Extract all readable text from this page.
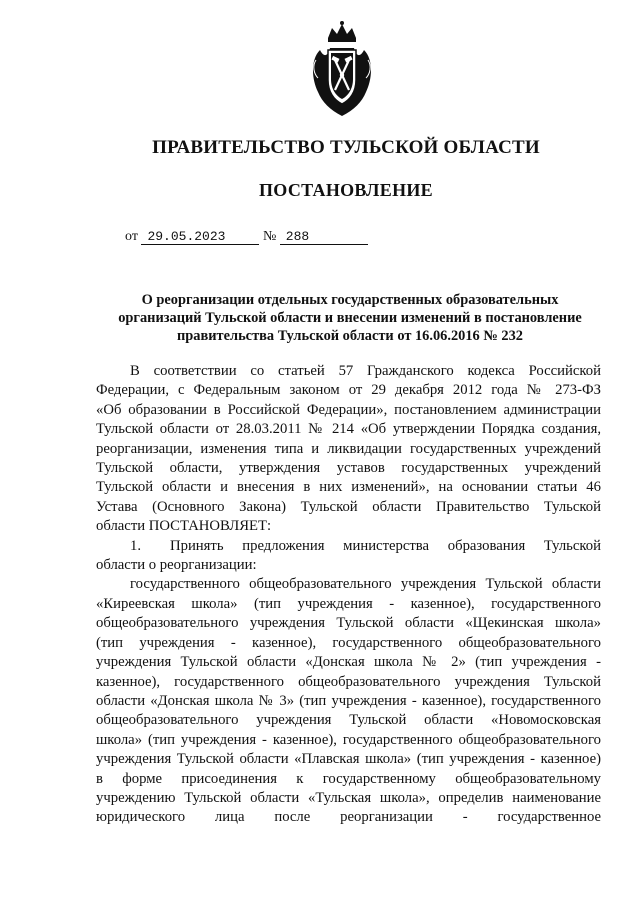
ПРАВИТЕЛЬСТВО ТУЛЬСКОЙ ОБЛАСТИ
ПОСТАНОВЛЕНИЕ
от 29.05.2023	№ 288
О реорганизации отдельных государственных образовательных
организаций Тульской области и внесении изменений в постановление
правительства Тульской области от 16.06.2016 № 232
В соответствии со статьей 57 Гражданского кодекса Российской
Федерации, с Федеральным законом от 29 декабря 2012 года № 273-ФЗ
«Об образовании в Российской Федерации», постановлением администрации
Тульской области от 28.03.2011 № 214 «Об утверждении Порядка создания,
реорганизации, изменения типа и ликвидации государственных учреждений
Тульской области, утверждения уставов государственных учреждений
Тульской области и внесения в них изменений», на основании статьи 46
Устава (Основного Закона) Тульской области Правительство Тульской
области ПОСТАНОВЛЯЕТ:
1. Принять предложения министерства образования Тульской
области о реорганизации:
государственного общеобразовательного учреждения Тульской области
«Киреевская школа» (тип учреждения - казенное), государственного
общеобразовательного учреждения Тульской области «Щекинская школа»
(тип учреждения - казенное), государственного общеобразовательного
учреждения Тульской области «Донская школа № 2» (тип учреждения -
казенное), государственного общеобразовательного учреждения Тульской
области «Донская школа № 3» (тип учреждения - казенное), государственного
общеобразовательного учреждения Тульской области «Новомосковская
школа» (тип учреждения - казенное), государственного общеобразовательного
учреждения Тульской области «Плавская школа» (тип учреждения - казенное)
в форме присоединения к государственному общеобразовательному
учреждению Тульской области «Тульская школа», определив наименование
юридического лица после реорганизации - государственное
